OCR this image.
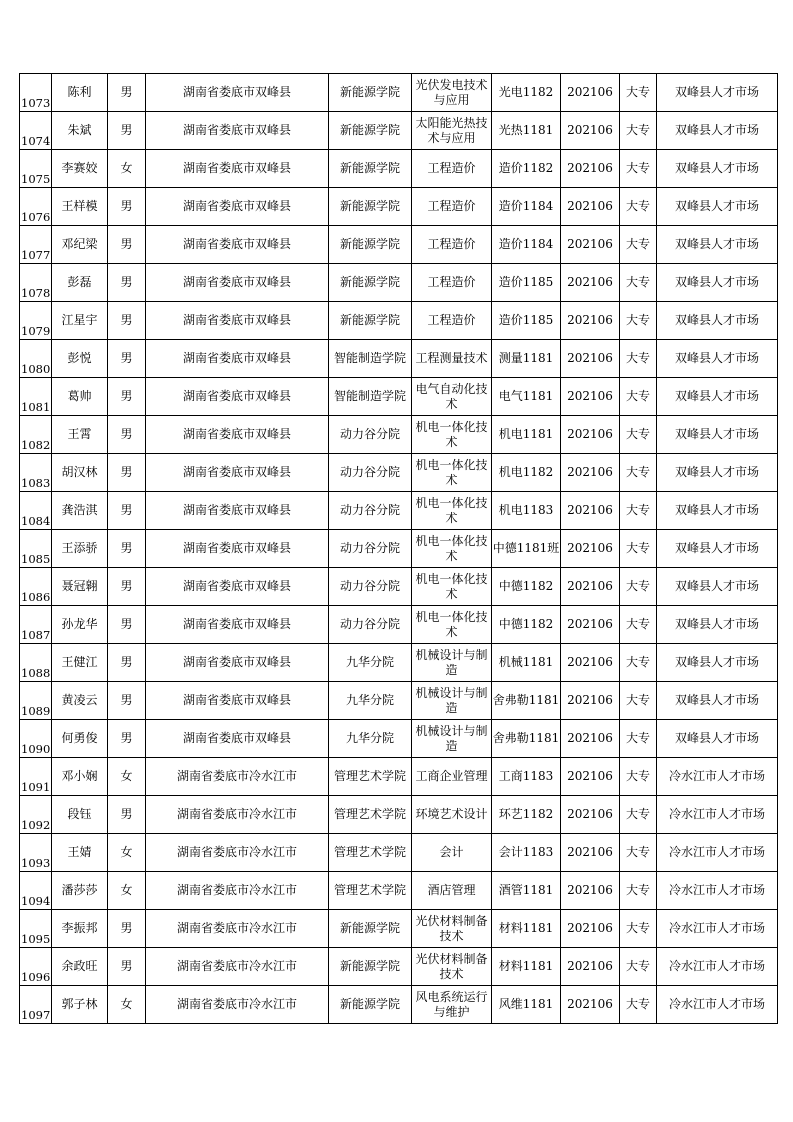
1073	陈利	男	湖南省娄底市双峰县	新能源学院	光伏发电技术与应用	光电1182	202106	大专	双峰县人才市场
1074	朱斌	男	湖南省娄底市双峰县	新能源学院	太阳能光热技术与应用	光热1181	202106	大专	双峰县人才市场
1075	李赛姣	女	湖南省娄底市双峰县	新能源学院	工程造价	造价1182	202106	大专	双峰县人才市场
1076	王样模	男	湖南省娄底市双峰县	新能源学院	工程造价	造价1184	202106	大专	双峰县人才市场
1077	邓纪梁	男	湖南省娄底市双峰县	新能源学院	工程造价	造价1184	202106	大专	双峰县人才市场
1078	彭磊	男	湖南省娄底市双峰县	新能源学院	工程造价	造价1185	202106	大专	双峰县人才市场
1079	江星宇	男	湖南省娄底市双峰县	新能源学院	工程造价	造价1185	202106	大专	双峰县人才市场
1080	彭悦	男	湖南省娄底市双峰县	智能制造学院	工程测量技术	测量1181	202106	大专	双峰县人才市场
1081	葛帅	男	湖南省娄底市双峰县	智能制造学院	电气自动化技术	电气1181	202106	大专	双峰县人才市场
1082	王霄	男	湖南省娄底市双峰县	动力谷分院	机电一体化技术	机电1181	202106	大专	双峰县人才市场
1083	胡汉林	男	湖南省娄底市双峰县	动力谷分院	机电一体化技术	机电1182	202106	大专	双峰县人才市场
1084	龚浩淇	男	湖南省娄底市双峰县	动力谷分院	机电一体化技术	机电1183	202106	大专	双峰县人才市场
1085	王添骄	男	湖南省娄底市双峰县	动力谷分院	机电一体化技术	中德1181班	202106	大专	双峰县人才市场
1086	聂冠翱	男	湖南省娄底市双峰县	动力谷分院	机电一体化技术	中德1182	202106	大专	双峰县人才市场
1087	孙龙华	男	湖南省娄底市双峰县	动力谷分院	机电一体化技术	中德1182	202106	大专	双峰县人才市场
1088	王健江	男	湖南省娄底市双峰县	九华分院	机械设计与制造	机械1181	202106	大专	双峰县人才市场
1089	黄凌云	男	湖南省娄底市双峰县	九华分院	机械设计与制造	舍弗勒1181	202106	大专	双峰县人才市场
1090	何勇俊	男	湖南省娄底市双峰县	九华分院	机械设计与制造	舍弗勒1181	202106	大专	双峰县人才市场
1091	邓小娴	女	湖南省娄底市冷水江市	管理艺术学院	工商企业管理	工商1183	202106	大专	冷水江市人才市场
1092	段钰	男	湖南省娄底市冷水江市	管理艺术学院	环境艺术设计	环艺1182	202106	大专	冷水江市人才市场
1093	王婧	女	湖南省娄底市冷水江市	管理艺术学院	会计	会计1183	202106	大专	冷水江市人才市场
1094	潘莎莎	女	湖南省娄底市冷水江市	管理艺术学院	酒店管理	酒管1181	202106	大专	冷水江市人才市场
1095	李振邦	男	湖南省娄底市冷水江市	新能源学院	光伏材料制备技术	材料1181	202106	大专	冷水江市人才市场
1096	余政旺	男	湖南省娄底市冷水江市	新能源学院	光伏材料制备技术	材料1181	202106	大专	冷水江市人才市场
1097	郭子林	女	湖南省娄底市冷水江市	新能源学院	风电系统运行与维护	风维1181	202106	大专	冷水江市人才市场
